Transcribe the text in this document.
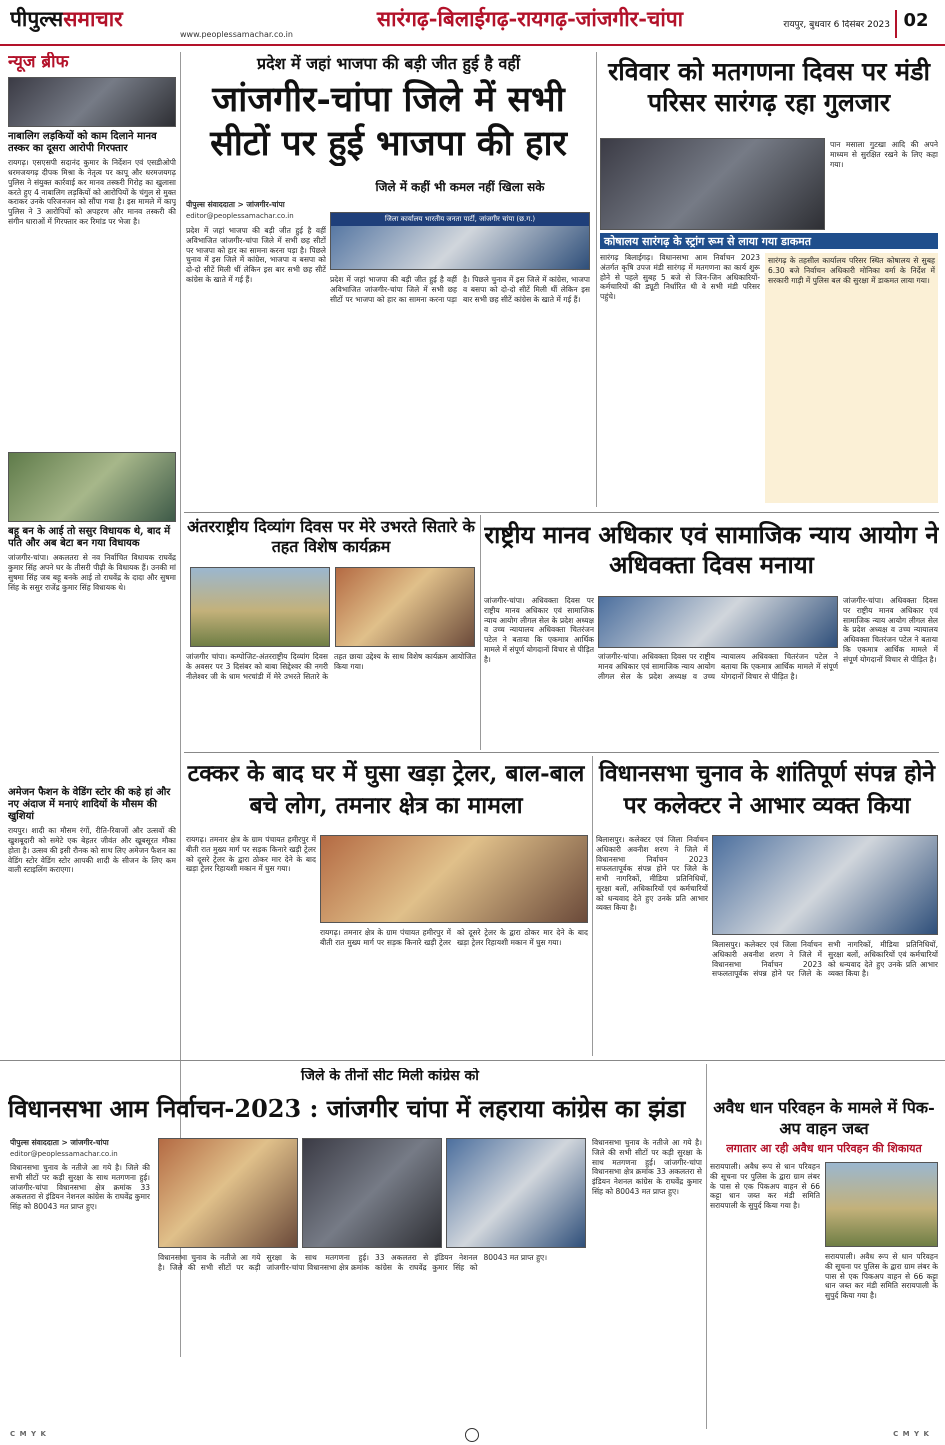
पीपुल्ससमाचार
www.peoplessamachar.co.in
सारंगढ़-बिलाईगढ़-रायगढ़-जांजगीर-चांपा	रायपुर, बुधवार 6 दिसंबर 2023 02
न्यूज ब्रीफ
नाबालिग लड़कियों को काम दिलाने मानव तस्कर का दूसरा आरोपी गिरफ्तार
रायगढ़। एसएसपी सदानंद कुमार के निर्देशन एवं एसडीओपी धरमजयगढ़ दीपक मिश्रा के नेतृत्व पर कापू और धरमजयगढ़ पुलिस ने संयुक्त कार्रवाई कर मानव तस्करी गिरोह का खुलासा करते हुए 4 नाबालिग लड़कियों को आरोपियों के चंगुल से मुक्त कराकर उनके परिजनजन को सौंपा गया है। इस मामले में कापू पुलिस ने 3 आरोपियों को अपहरण और मानव तस्करी की संगीन धाराओं में गिरफ्तार कर रिमांड पर भेजा है।
बहू बन के आई तो ससुर विधायक थे, बाद में पति और अब बेटा बन गया विधायक
जांजगीर-चांपा। अकलतरा से नव निर्वाचित विधायक राघवेंद्र कुमार सिंह अपने घर के तीसरी पीढ़ी के विधायक हैं। उनकी मां सुषमा सिंह जब बहू बनके आई तो राघवेंद्र के दादा और सुषमा सिंह के ससुर राजेंद्र कुमार सिंह विधायक थे।
अमेजन फैशन के वेडिंग स्टोर की कहे हां और नए अंदाज में मनाएं शादियों के मौसम की खुशियां
रायपुर। शादी का मौसम रंगों, रीति-रिवाजों और उत्सवों की खुशबूदारी को समेटे एक बेहतर जीवंत और खूबसूरत मौका होता है। उत्सव की इसी रौनक को साथ लिए अमेजन फैशन का वेडिंग स्टोर वेडिंग स्टोर आपकी शादी के सीजन के लिए कम वाली स्टाइलिंग कराएगा।
प्रदेश में जहां भाजपा की बड़ी जीत हुई है वहीं
जांजगीर-चांपा जिले में सभी सीटों पर हुई भाजपा की हार
जिले में कहीं भी कमल नहीं खिला सके
पीपुल्स संवाददाता > जांजगीर-चांपा
editor@peoplessamachar.co.in	जिला कार्यालय भारतीय जनता पार्टी, जांजगीर चांपा (छ.ग.)
प्रदेश में जहां भाजपा की बड़ी जीत हुई है वहीं अविभाजित जांजगीर-चांपा जिले में सभी छह सीटों पर भाजपा को हार का सामना करना पड़ा है। पिछले चुनाव में इस जिले में कांग्रेस, भाजपा व बसपा को दो-दो सीटें मिली थीं लेकिन इस बार सभी छह सीटें कांग्रेस के खाते में गई हैं।	प्रदेश में जहां भाजपा की बड़ी जीत हुई है वहीं अविभाजित जांजगीर-चांपा जिले में सभी छह सीटों पर भाजपा को हार का सामना करना पड़ा है। पिछले चुनाव में इस जिले में कांग्रेस, भाजपा व बसपा को दो-दो सीटें मिली थीं लेकिन इस बार सभी छह सीटें कांग्रेस के खाते में गई हैं।
रविवार को मतगणना दिवस पर मंडी परिसर सारंगढ़ रहा गुलजार
पान मसाला गुटखा आदि की अपने माध्यम से सुरक्षित रखने के लिए कहा गया।
कोषालय सारंगढ़ के स्ट्रांग रूम से लाया गया डाकमत
सारंगढ़ बिलाईगढ़। विधानसभा आम निर्वाचन 2023 अंतर्गत कृषि उपज मंडी सारंगढ़ में मतगणना का कार्य शुरू होने से पहले सुबह 5 बजे से जिन-जिन अधिकारियों-कर्मचारियों की ड्यूटी निर्धारित थी वे सभी मंडी परिसर पहुंचे।
सारंगढ़ के तहसील कार्यालय परिसर स्थित कोषालय से सुबह 6.30 बजे निर्वाचन अधिकारी मोनिका वर्मा के निर्देश में सरकारी गाड़ी में पुलिस बल की सुरक्षा में डाकमत लाया गया।
अंतरराष्ट्रीय दिव्यांग दिवस पर मेरे उभरते सितारे के तहत विशेष कार्यक्रम
जांजगीर चांपा। कम्पोजिट-अंतरराष्ट्रीय दिव्यांग दिवस के अवसर पर 3 दिसंबर को बाबा सिद्देश्वर की नगरी नीलेश्वर जी के धाम भरचांडी में मेरे उभरते सितारे के तहत छाया उद्देश्य के साथ विशेष कार्यक्रम आयोजित किया गया।
राष्ट्रीय मानव अधिकार एवं सामाजिक न्याय आयोग ने अधिवक्ता दिवस मनाया
जांजगीर-चांपा। अधिवक्ता दिवस पर राष्ट्रीय मानव अधिकार एवं सामाजिक न्याय आयोग लीगल सेल के प्रदेश अध्यक्ष व उच्च न्यायालय अधिवक्ता चितरंजन पटेल ने बताया कि एकमात्र आर्थिक मामले में संपूर्ण योगदानों विचार से पीड़ित है।	जांजगीर-चांपा। अधिवक्ता दिवस पर राष्ट्रीय मानव अधिकार एवं सामाजिक न्याय आयोग लीगल सेल के प्रदेश अध्यक्ष व उच्च न्यायालय अधिवक्ता चितरंजन पटेल ने बताया कि एकमात्र आर्थिक मामले में संपूर्ण योगदानों विचार से पीड़ित है।
जांजगीर-चांपा। अधिवक्ता दिवस पर राष्ट्रीय मानव अधिकार एवं सामाजिक न्याय आयोग लीगल सेल के प्रदेश अध्यक्ष व उच्च न्यायालय अधिवक्ता चितरंजन पटेल ने बताया कि एकमात्र आर्थिक मामले में संपूर्ण योगदानों विचार से पीड़ित है।
टक्कर के बाद घर में घुसा खड़ा ट्रेलर, बाल-बाल बचे लोग, तमनार क्षेत्र का मामला
रायगढ़। तमनार क्षेत्र के ग्राम पंचायत हमीरपुर में बीती रात मुख्य मार्ग पर सड़क किनारे खड़ी ट्रेलर को दूसरे ट्रेलर के द्वारा ठोकर मार देने के बाद खड़ा ट्रेलर रिहायशी मकान में घुस गया।
रायगढ़। तमनार क्षेत्र के ग्राम पंचायत हमीरपुर में बीती रात मुख्य मार्ग पर सड़क किनारे खड़ी ट्रेलर को दूसरे ट्रेलर के द्वारा ठोकर मार देने के बाद खड़ा ट्रेलर रिहायशी मकान में घुस गया।
विधानसभा चुनाव के शांतिपूर्ण संपन्न होने पर कलेक्टर ने आभार व्यक्त किया
बिलासपुर। कलेक्टर एवं जिला निर्वाचन अधिकारी अवनीश शरण ने जिले में विधानसभा निर्वाचन 2023 सफलतापूर्वक संपन्न होने पर जिले के सभी नागरिकों, मीडिया प्रतिनिधियों, सुरक्षा बलों, अधिकारियों एवं कर्मचारियों को धन्यवाद देते हुए उनके प्रति आभार व्यक्त किया है।
बिलासपुर। कलेक्टर एवं जिला निर्वाचन अधिकारी अवनीश शरण ने जिले में विधानसभा निर्वाचन 2023 सफलतापूर्वक संपन्न होने पर जिले के सभी नागरिकों, मीडिया प्रतिनिधियों, सुरक्षा बलों, अधिकारियों एवं कर्मचारियों को धन्यवाद देते हुए उनके प्रति आभार व्यक्त किया है।
जिले के तीनों सीट मिली कांग्रेस को
विधानसभा आम निर्वाचन-2023 : जांजगीर चांपा में लहराया कांग्रेस का झंडा
पीपुल्स संवाददाता > जांजगीर-चांपा
editor@peoplessamachar.co.in
विधानसभा चुनाव के नतीजे आ गये है। जिले की सभी सीटों पर कड़ी सुरक्षा के साथ मतगणना हुई। जांजगीर-चांपा विधानसभा क्षेत्र क्रमांक 33 अकलतरा से इंडियन नेशनल कांग्रेस के राघवेंद्र कुमार सिंह को 80043 मत प्राप्त हुए।
विधानसभा चुनाव के नतीजे आ गये है। जिले की सभी सीटों पर कड़ी सुरक्षा के साथ मतगणना हुई। जांजगीर-चांपा विधानसभा क्षेत्र क्रमांक 33 अकलतरा से इंडियन नेशनल कांग्रेस के राघवेंद्र कुमार सिंह को 80043 मत प्राप्त हुए।
विधानसभा चुनाव के नतीजे आ गये है। जिले की सभी सीटों पर कड़ी सुरक्षा के साथ मतगणना हुई। जांजगीर-चांपा विधानसभा क्षेत्र क्रमांक 33 अकलतरा से इंडियन नेशनल कांग्रेस के राघवेंद्र कुमार सिंह को 80043 मत प्राप्त हुए।
अवैध धान परिवहन के मामले में पिक-अप वाहन जब्त
लगातार आ रही अवैध धान परिवहन की शिकायत
सरायपाली। अवैध रूप से धान परिवहन की सूचना पर पुलिस के द्वारा ग्राम लंबर के पास से एक पिकअप वाहन से 66 कट्टा धान जब्त कर मंडी समिति सरायपाली के सुपुर्द किया गया है।
सरायपाली। अवैध रूप से धान परिवहन की सूचना पर पुलिस के द्वारा ग्राम लंबर के पास से एक पिकअप वाहन से 66 कट्टा धान जब्त कर मंडी समिति सरायपाली के सुपुर्द किया गया है।
C M Y K	C M Y K
